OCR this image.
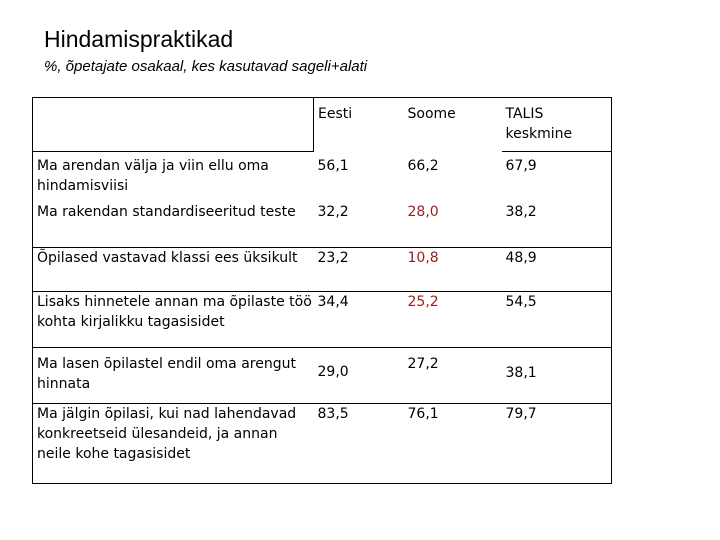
Hindamispraktikad
%, õpetajate osakaal, kes kasutavad sageli+alati
	Eesti	Soome	TALIS keskmine
Ma arendan välja ja viin ellu oma hindamisviisi	56,1	66,2	67,9
Ma rakendan standardiseeritud teste	32,2	28,0	38,2
Õpilased vastavad klassi ees üksikult	23,2	10,8	48,9
Lisaks hinnetele annan ma õpilaste töö kohta kirjalikku tagasisidet	34,4	25,2	54,5
Ma lasen õpilastel endil oma arengut hinnata	29,0	27,2	38,1
Ma jälgin õpilasi, kui nad lahendavad konkreetseid ülesandeid, ja annan neile kohe tagasisidet	83,5	76,1	79,7
